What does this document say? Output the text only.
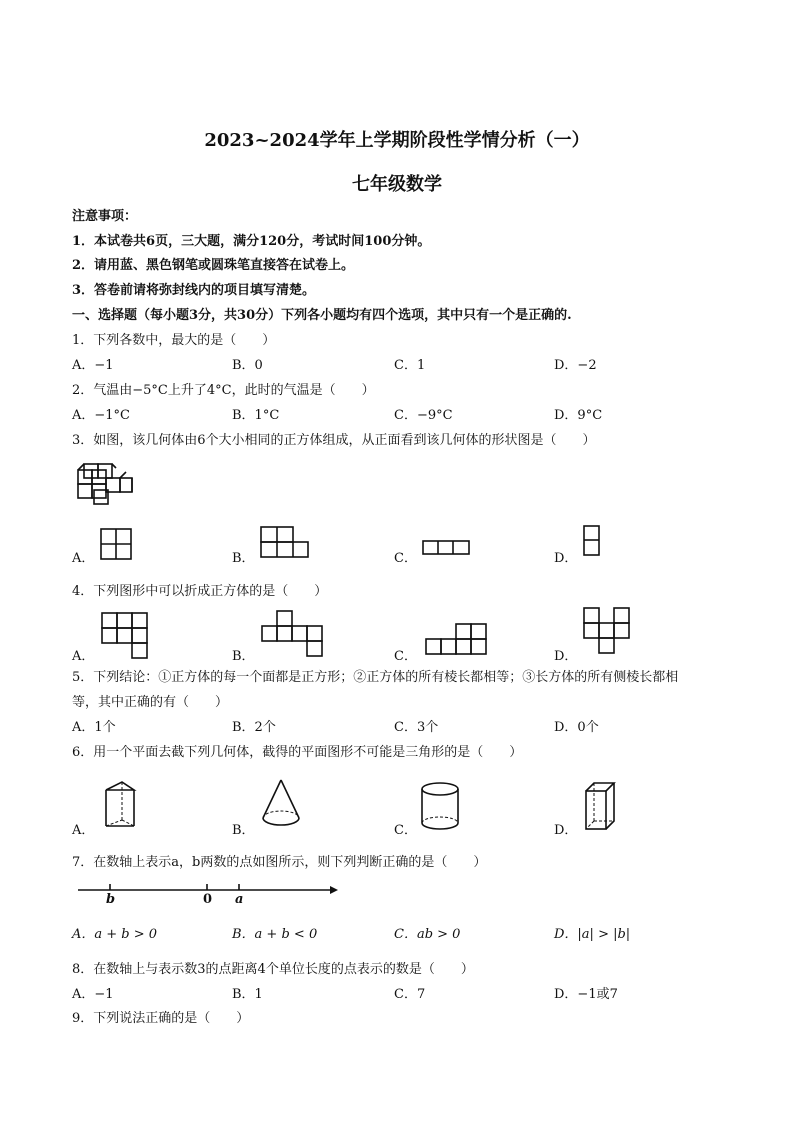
2023~2024学年上学期阶段性学情分析（一）
七年级数学
注意事项：
1．本试卷共6页，三大题，满分120分，考试时间100分钟。
2．请用蓝、黑色钢笔或圆珠笔直接答在试卷上。
3．答卷前请将弥封线内的项目填写清楚。
一、选择题（每小题3分，共30分）下列各小题均有四个选项，其中只有一个是正确的.
1．下列各数中，最大的是（　　）
A．−1	B．0	C．1	D．−2
2．气温由−5°C上升了4°C，此时的气温是（　　）
A．−1°C	B．1°C	C．−9°C	D．9°C
3．如图，该几何体由6个大小相同的正方体组成，从正面看到该几何体的形状图是（　　）
A．	B．	C．	D．
4．下列图形中可以折成正方体的是（　　）
A．	B．	C．	D．
5．下列结论：①正方体的每一个面都是正方形；②正方体的所有棱长都相等；③长方体的所有侧棱长都相
等，其中正确的有（　　）
A．1个	B．2个	C．3个	D．0个
6．用一个平面去截下列几何体，截得的平面图形不可能是三角形的是（　　）
A．	B．	C．	D．
7．在数轴上表示a，b两数的点如图所示，则下列判断正确的是（　　）
b	0 a
A．a + b > 0	B．a + b < 0	C．ab > 0	D．|a| > |b|
8．在数轴上与表示数3的点距离4个单位长度的点表示的数是（　　）
A．−1	B．1	C．7	D．−1或7
9．下列说法正确的是（　　）
